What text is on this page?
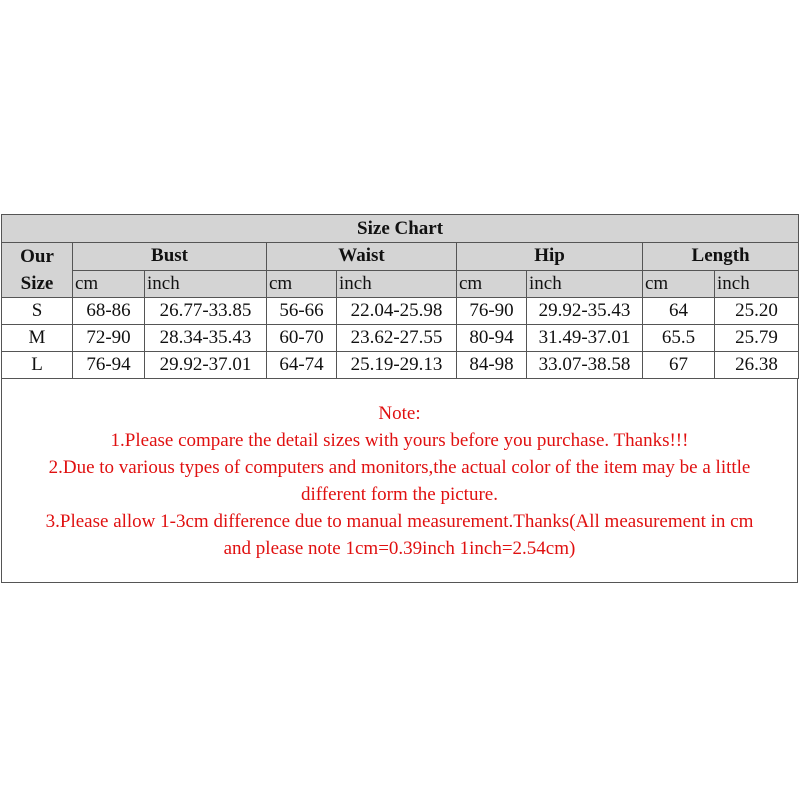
Size Chart								
Our
Size	Bust		Waist		Hip		Length	
	cm	inch	cm	inch	cm	inch	cm	inch
S	68-86	26.77-33.85	56-66	22.04-25.98	76-90	29.92-35.43	64	25.20
M	72-90	28.34-35.43	60-70	23.62-27.55	80-94	31.49-37.01	65.5	25.79
L	76-94	29.92-37.01	64-74	25.19-29.13	84-98	33.07-38.58	67	26.38
Note:
1.Please compare the detail sizes with yours before you purchase. Thanks!!!
2.Due to various types of computers and monitors,the actual color of the item may be a little
different form the picture.
3.Please allow 1-3cm difference due to manual measurement.Thanks(All measurement in cm
and please note 1cm=0.39inch 1inch=2.54cm)
